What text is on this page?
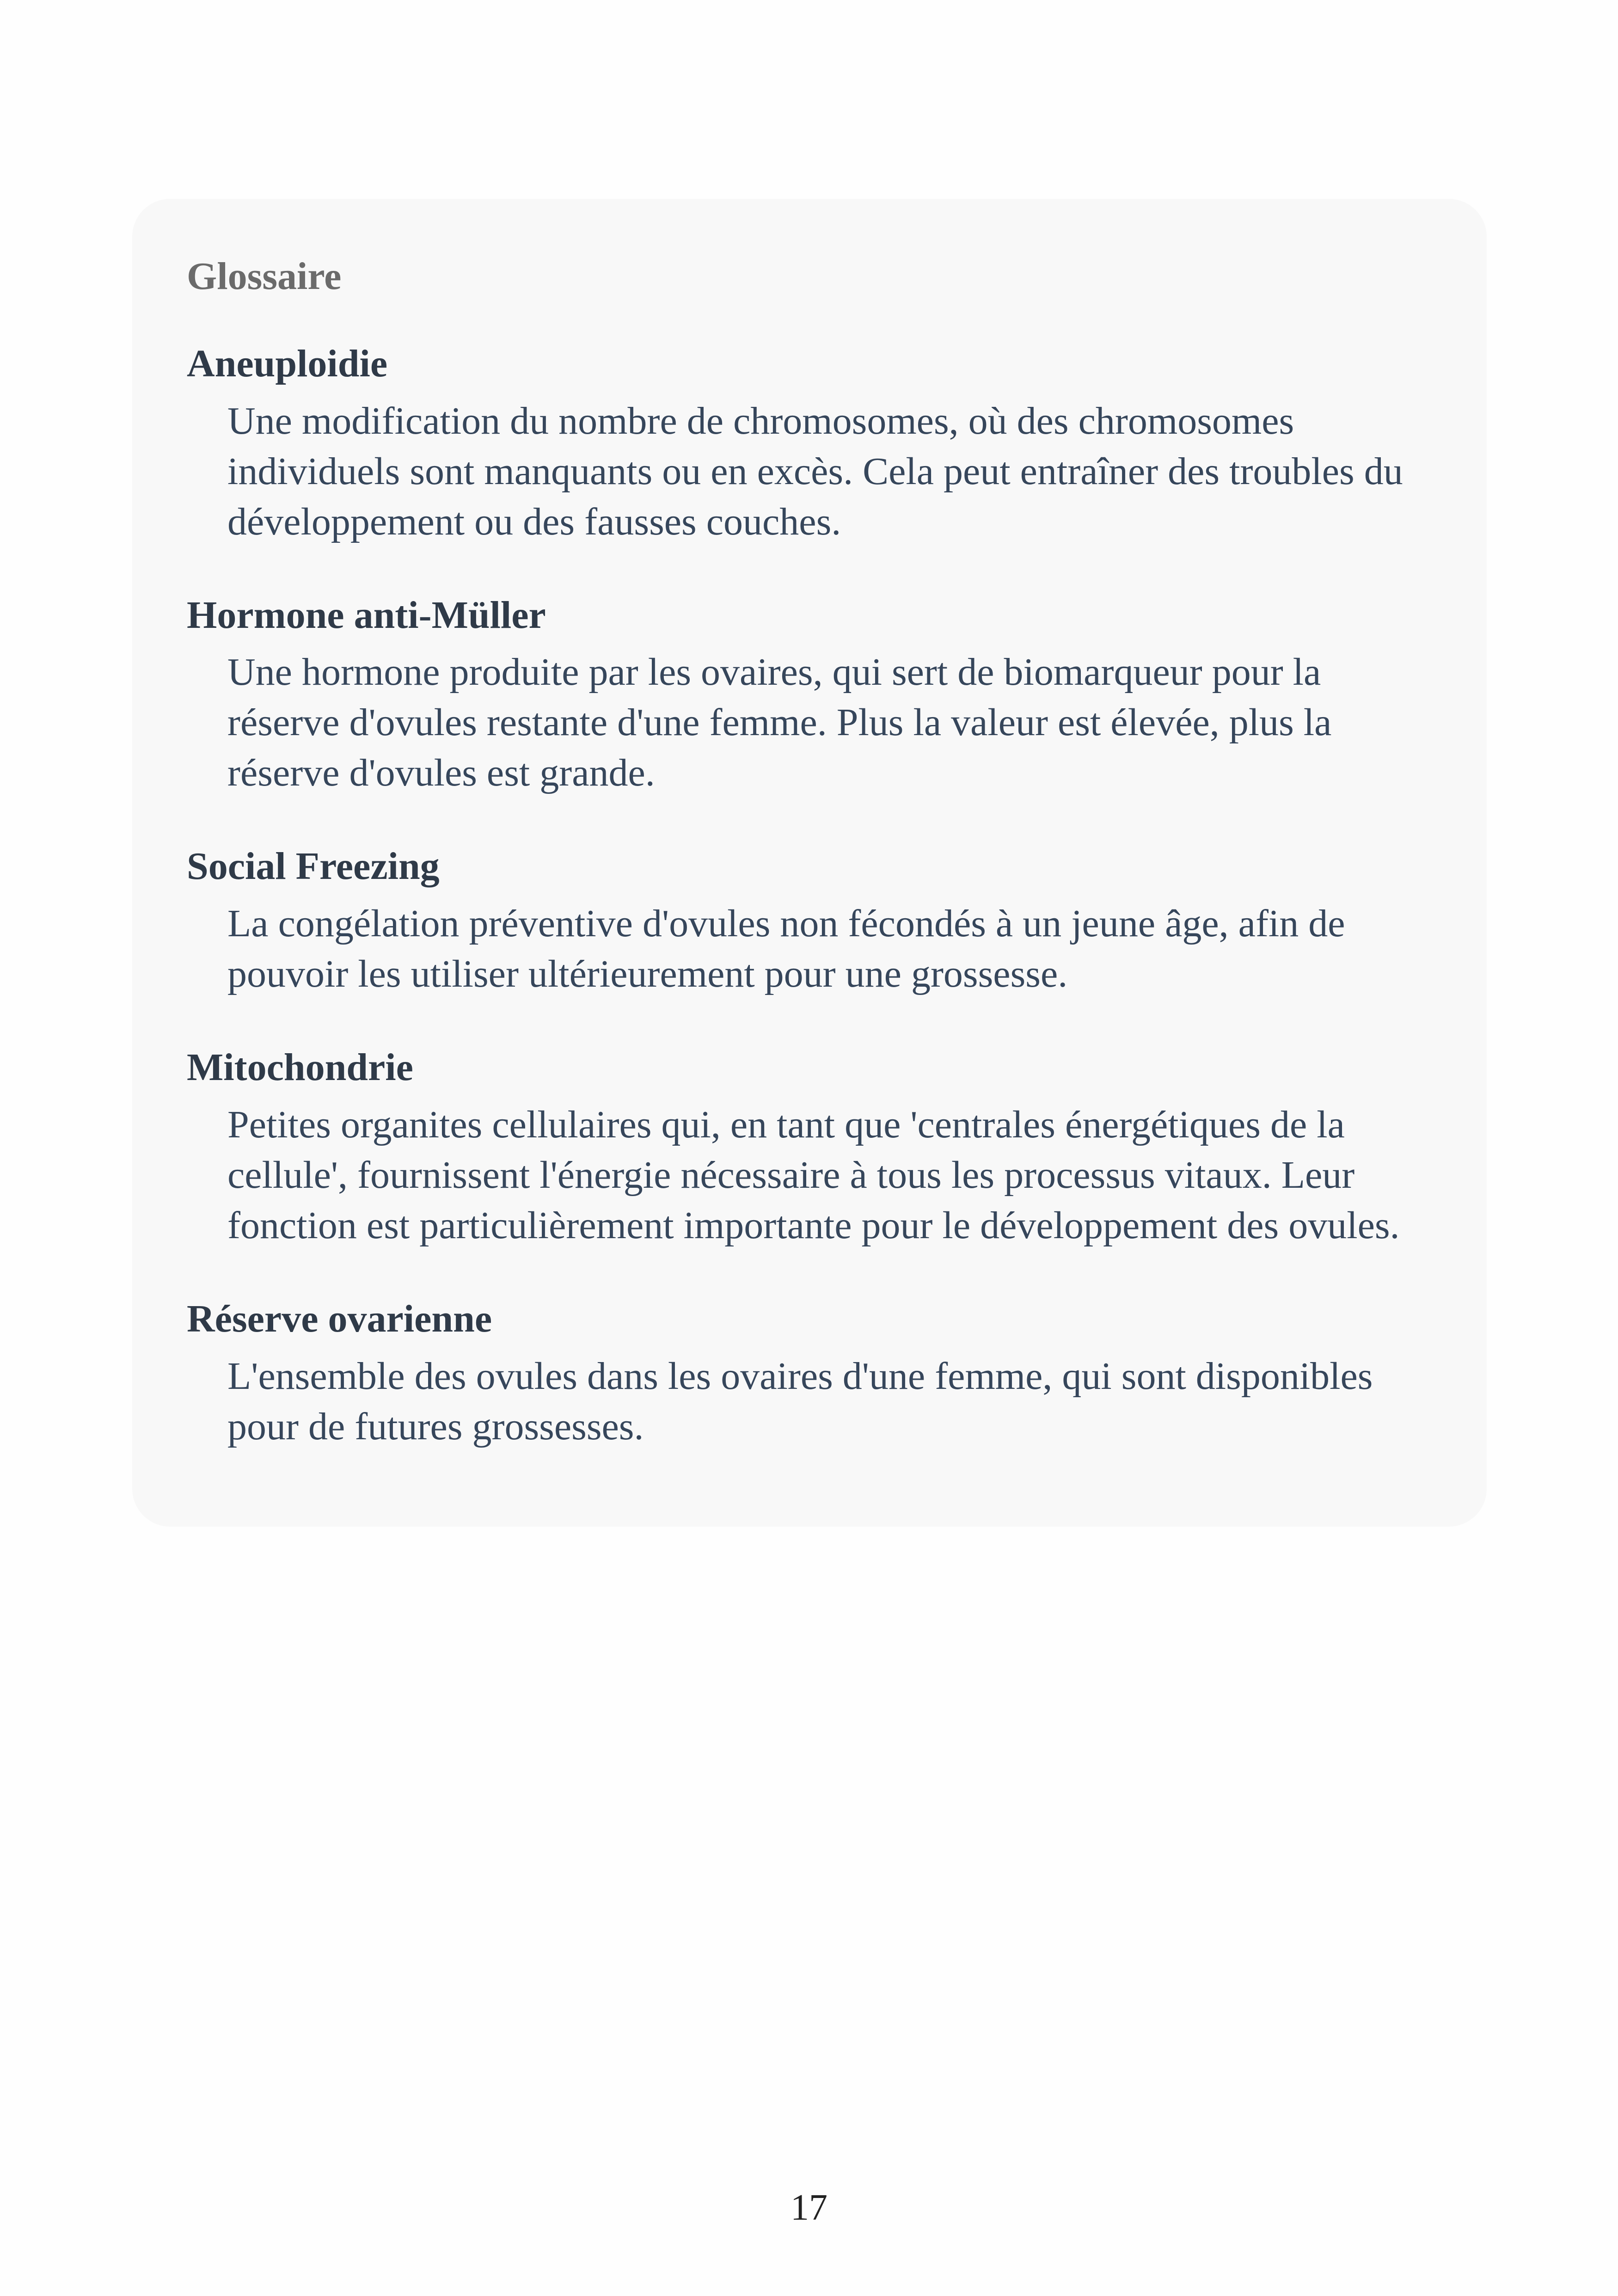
Glossaire
Aneuploidie
Une modification du nombre de chromosomes, où des chromosomes individuels sont manquants ou en excès. Cela peut entraîner des troubles du développement ou des fausses couches.
Hormone anti-Müller
Une hormone produite par les ovaires, qui sert de biomarqueur pour la réserve d'ovules restante d'une femme. Plus la valeur est élevée, plus la réserve d'ovules est grande.
Social Freezing
La congélation préventive d'ovules non fécondés à un jeune âge, afin de pouvoir les utiliser ultérieurement pour une grossesse.
Mitochondrie
Petites organites cellulaires qui, en tant que 'centrales énergétiques de la cellule', fournissent l'énergie nécessaire à tous les processus vitaux. Leur fonction est particulièrement importante pour le développement des ovules.
Réserve ovarienne
L'ensemble des ovules dans les ovaires d'une femme, qui sont disponibles pour de futures grossesses.
17
